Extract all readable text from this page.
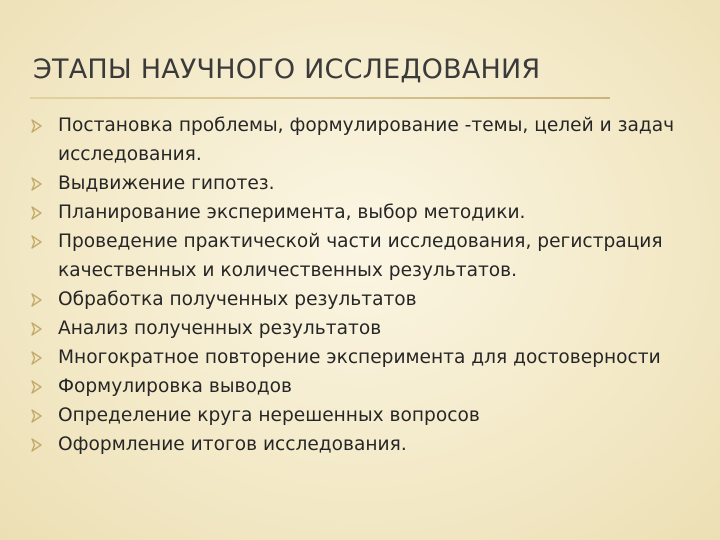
ЭТАПЫ НАУЧНОГО ИССЛЕДОВАНИЯ
Постановка проблемы, формулирование -темы, целей и задач исследования.
Выдвижение гипотез.
Планирование эксперимента, выбор методики.
Проведение практической части исследования, регистрация качественных и количественных результатов.
Обработка полученных результатов
Анализ полученных результатов
Многократное повторение эксперимента для достоверности
Формулировка выводов
Определение круга нерешенных вопросов
Оформление итогов исследования.
